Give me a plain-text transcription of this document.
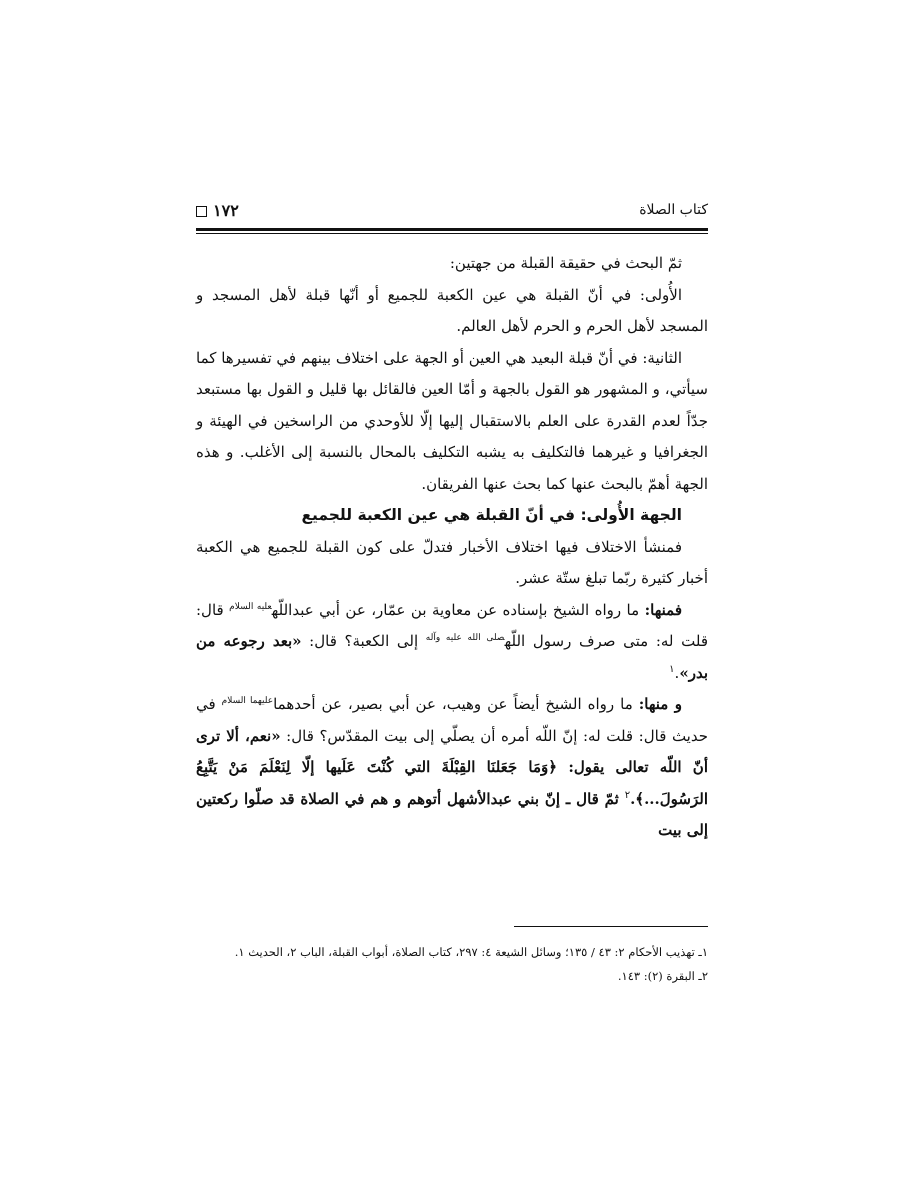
١٧٢	كتاب الصلاة

ثمّ البحث في حقيقة القبلة من جهتين:

الأُولى: في أنّ القبلة هي عين الكعبة للجميع أو أنّها قبلة لأهل المسجد و المسجد لأهل الحرم و الحرم لأهل العالم.

الثانية: في أنّ قبلة البعيد هي العين أو الجهة على اختلاف بينهم في تفسيرها كما سيأتي، و المشهور هو القول بالجهة و أمّا العين فالقائل بها قليل و القول بها مستبعد جدّاً لعدم القدرة على العلم بالاستقبال إليها إلّا للأوحدي من الراسخين في الهيئة و الجغرافيا و غيرهما فالتكليف به يشبه التكليف بالمحال بالنسبة إلى الأغلب. و هذه الجهة أهمّ بالبحث عنها كما بحث عنها الفريقان.

الجهة الأُولى: في أنّ القبلة هي عين الكعبة للجميع

فمنشأ الاختلاف فيها اختلاف الأخبار فتدلّ على كون القبلة للجميع هي الكعبة أخبار كثيرة ربّما تبلغ ستّة عشر.

فمنها: ما رواه الشيخ بإسناده عن معاوية بن عمّار، عن أبي عبداللّه$^{عليه السلام}$ قال: قلت له: متى صرف رسول اللّه$^{صلى الله عليه وآله}$ إلى الكعبة؟ قال: «بعد رجوعه من بدر».$^١$

و منها: ما رواه الشيخ أيضاً عن وهيب، عن أبي بصير، عن أحدهما$^{عليهما السلام}$ في حديث قال: قلت له: إنّ اللّه أمره أن يصلّي إلى بيت المقدّس؟ قال: «نعم، ألا ترى أنّ اللّه تعالى يقول: ﴿وَمَا جَعَلنَا القِبْلَةَ التي كُنْتَ عَلَيها إلّا لِنَعْلَمَ مَنْ يَتَّبِعُ الرَسُولَ...﴾.$^٢$ ثمّ قال ـ إنّ بني عبدالأشهل أتوهم و هم في الصلاة قد صلّوا ركعتين إلى بيت

١ـ تهذيب الأحكام ٢: ٤٣ / ١٣٥؛ وسائل الشيعة ٤: ٢٩٧، كتاب الصلاة، أبواب القبلة، الباب ٢، الحديث ١.

٢ـ البقرة (٢): ١٤٣.
